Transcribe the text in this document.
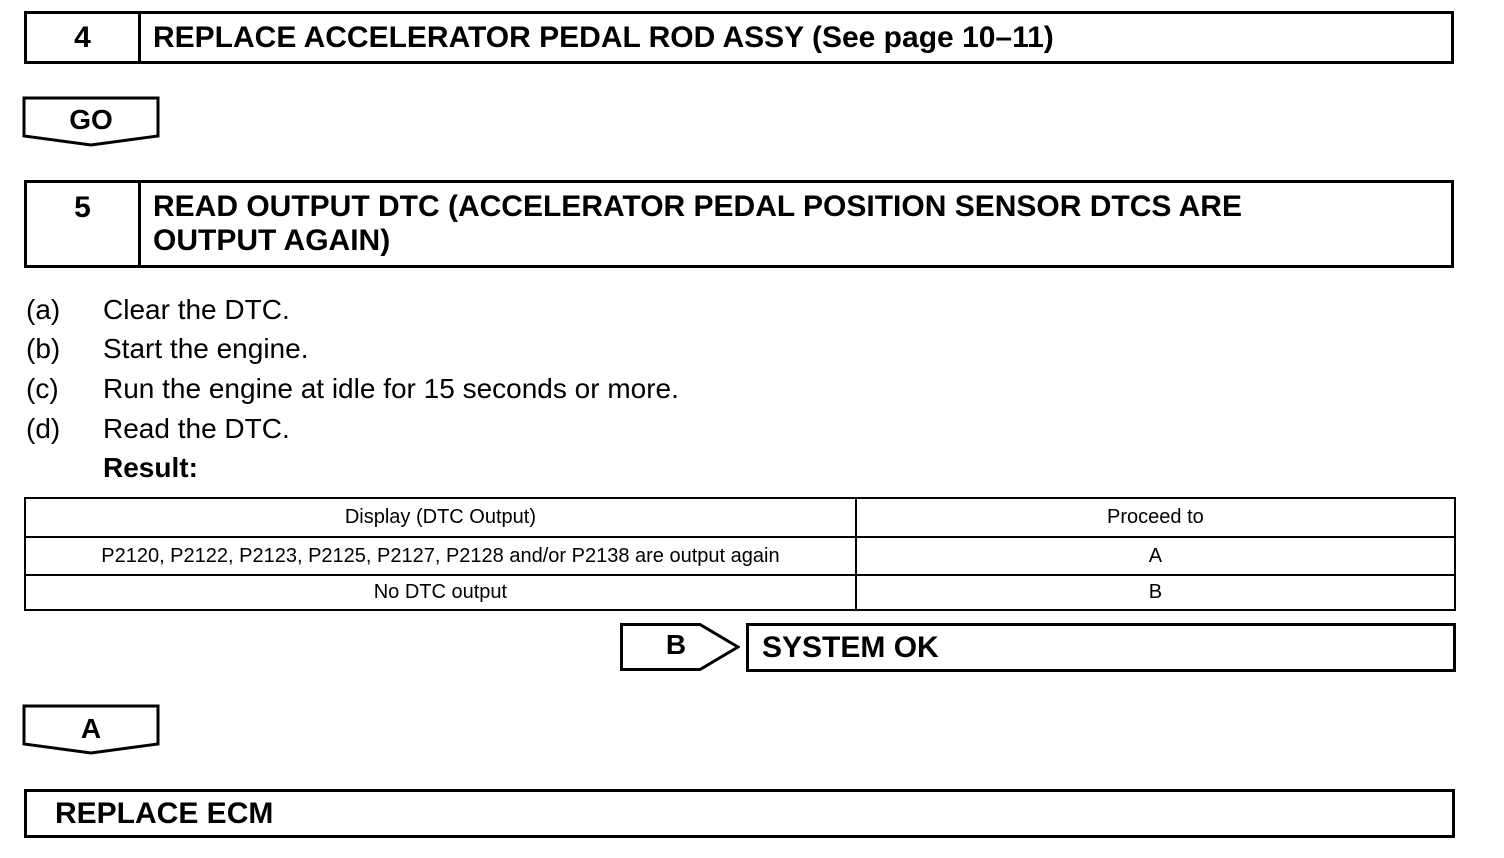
4	REPLACE ACCELERATOR PEDAL ROD ASSY (See page 10–11)
GO
5 READ OUTPUT DTC (ACCELERATOR PEDAL POSITION SENSOR DTCS ARE
OUTPUT AGAIN)
(a) Clear the DTC.
(b) Start the engine.
(c) Run the engine at idle for 15 seconds or more.
(d) Read the DTC.
Result:
Display (DTC Output)	Proceed to
P2120, P2122, P2123, P2125, P2127, P2128 and/or P2138 are output again	A
No DTC output	B
B	SYSTEM OK
A
REPLACE ECM
